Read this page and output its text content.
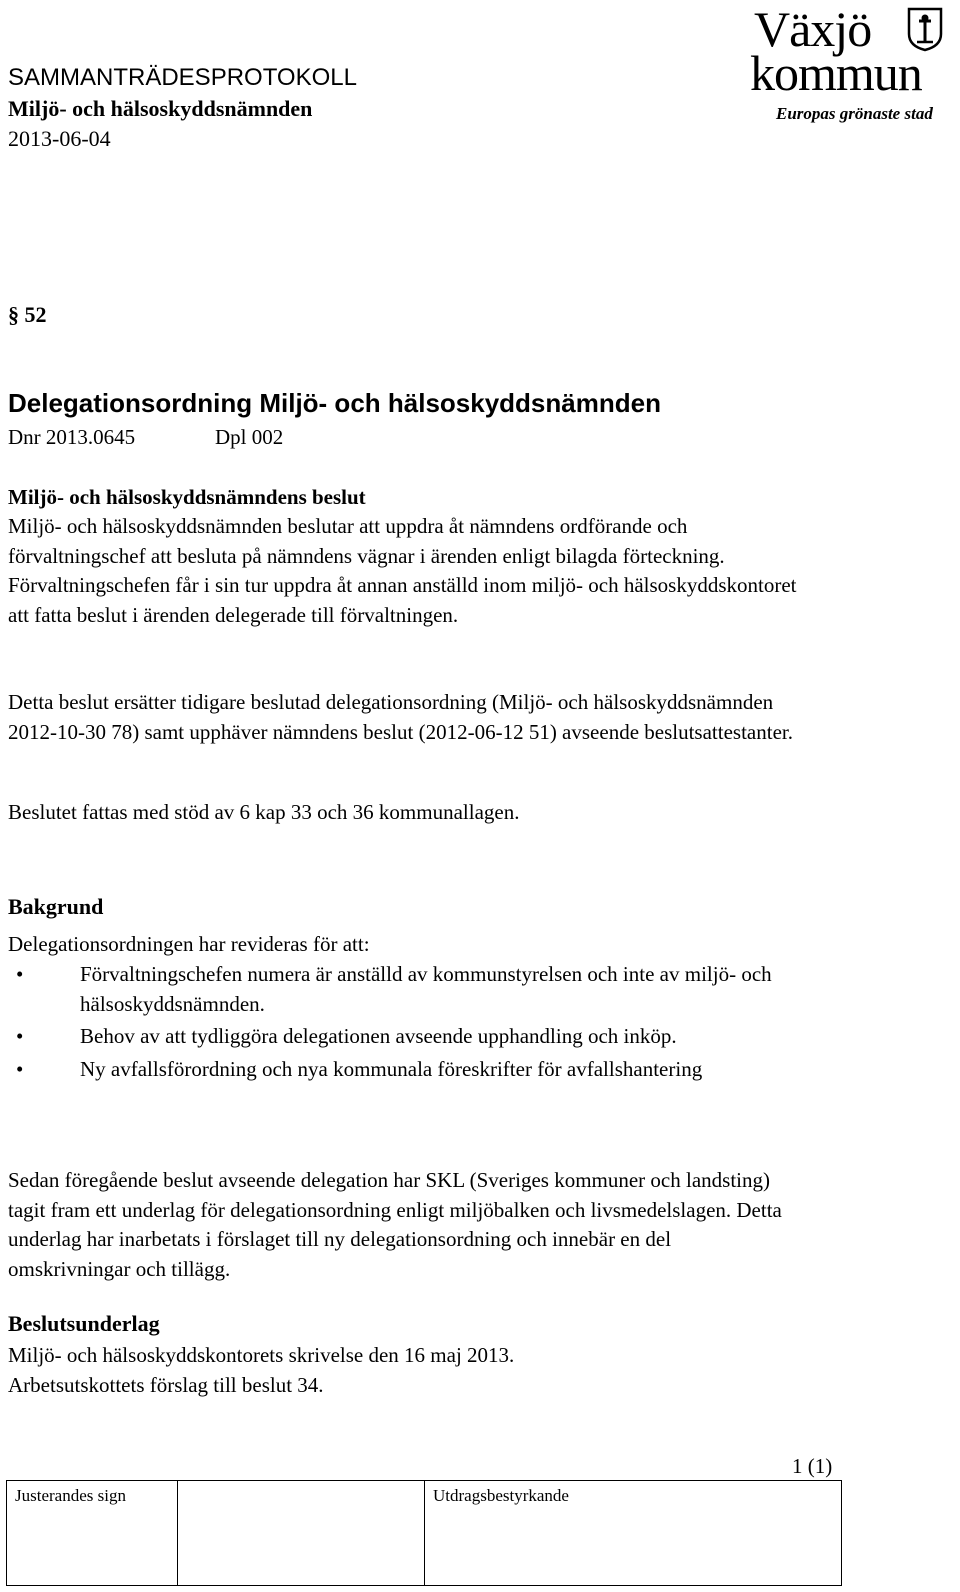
SAMMANTRÄDESPROTOKOLL
Miljö- och hälsoskyddsnämnden
2013-06-04
Växjö
kommun
Europas grönaste stad
§ 52
Delegationsordning Miljö- och hälsoskyddsnämnden
Dnr 2013.0645	Dpl 002
Miljö- och hälsoskyddsnämndens beslut
Miljö- och hälsoskyddsnämnden beslutar att uppdra åt nämndens ordförande och förvaltningschef att besluta på nämndens vägnar i ärenden enligt bilagda förteckning. Förvaltningschefen får i sin tur uppdra åt annan anställd inom miljö- och hälsoskyddskontoret att fatta beslut i ärenden delegerade till förvaltningen.
Detta beslut ersätter tidigare beslutad delegationsordning (Miljö- och hälsoskyddsnämnden 2012-10-30 78) samt upphäver nämndens beslut (2012-06-12 51) avseende beslutsattestanter.
Beslutet fattas med stöd av 6 kap 33 och 36 kommunallagen.
Bakgrund
Delegationsordningen har revideras för att:
•	Förvaltningschefen numera är anställd av kommunstyrelsen och inte av miljö- och hälsoskyddsnämnden.
•	Behov av att tydliggöra delegationen avseende upphandling och inköp.
•	Ny avfallsförordning och nya kommunala föreskrifter för avfallshantering
Sedan föregående beslut avseende delegation har SKL (Sveriges kommuner och landsting) tagit fram ett underlag för delegationsordning enligt miljöbalken och livsmedelslagen. Detta underlag har inarbetats i förslaget till ny delegationsordning och innebär en del omskrivningar och tillägg.
Beslutsunderlag

Miljö- och hälsoskyddskontorets skrivelse den 16 maj 2013.

Arbetsutskottets förslag till beslut 34.

1 (1)
Justerandes sign		Utdragsbestyrkande
